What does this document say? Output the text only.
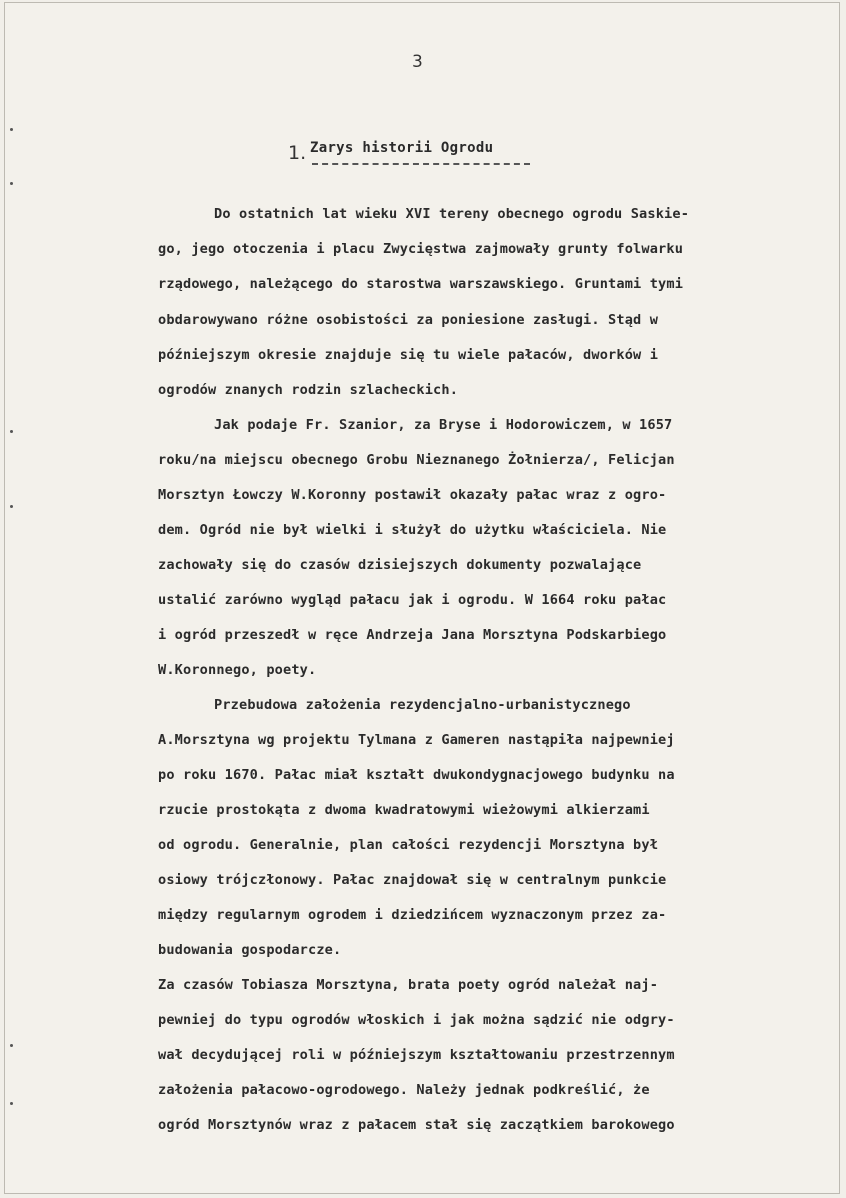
3
1. Zarys historii Ogrodu
Do ostatnich lat wieku XVI tereny obecnego ogrodu Saskie-
go, jego otoczenia i placu Zwycięstwa zajmowały grunty folwarku
rządowego, należącego do starostwa warszawskiego. Gruntami tymi
obdarowywano różne osobistości za poniesione zasługi. Stąd w
późniejszym okresie znajduje się tu wiele pałaców, dworków i
ogrodów znanych rodzin szlacheckich.
Jak podaje Fr. Szanior, za Bryse i Hodorowiczem, w 1657
roku/na miejscu obecnego Grobu Nieznanego Żołnierza/, Felicjan
Morsztyn Łowczy W.Koronny postawił okazały pałac wraz z ogro-
dem. Ogród nie był wielki i służył do użytku właściciela. Nie
zachowały się do czasów dzisiejszych dokumenty pozwalające
ustalić zarówno wygląd pałacu jak i ogrodu. W 1664 roku pałac
i ogród przeszedł w ręce Andrzeja Jana Morsztyna Podskarbiego
W.Koronnego, poety.
Przebudowa założenia rezydencjalno-urbanistycznego
A.Morsztyna wg projektu Tylmana z Gameren nastąpiła najpewniej
po roku 1670. Pałac miał kształt dwukondygnacjowego budynku na
rzucie prostokąta z dwoma kwadratowymi wieżowymi alkierzami
od ogrodu. Generalnie, plan całości rezydencji Morsztyna był
osiowy trójczłonowy. Pałac znajdował się w centralnym punkcie
między regularnym ogrodem i dziedzińcem wyznaczonym przez za-
budowania gospodarcze.
Za czasów Tobiasza Morsztyna, brata poety ogród należał naj-
pewniej do typu ogrodów włoskich i jak można sądzić nie odgry-
wał decydującej roli w późniejszym kształtowaniu przestrzennym
założenia pałacowo-ogrodowego. Należy jednak podkreślić, że
ogród Morsztynów wraz z pałacem stał się zaczątkiem barokowego
